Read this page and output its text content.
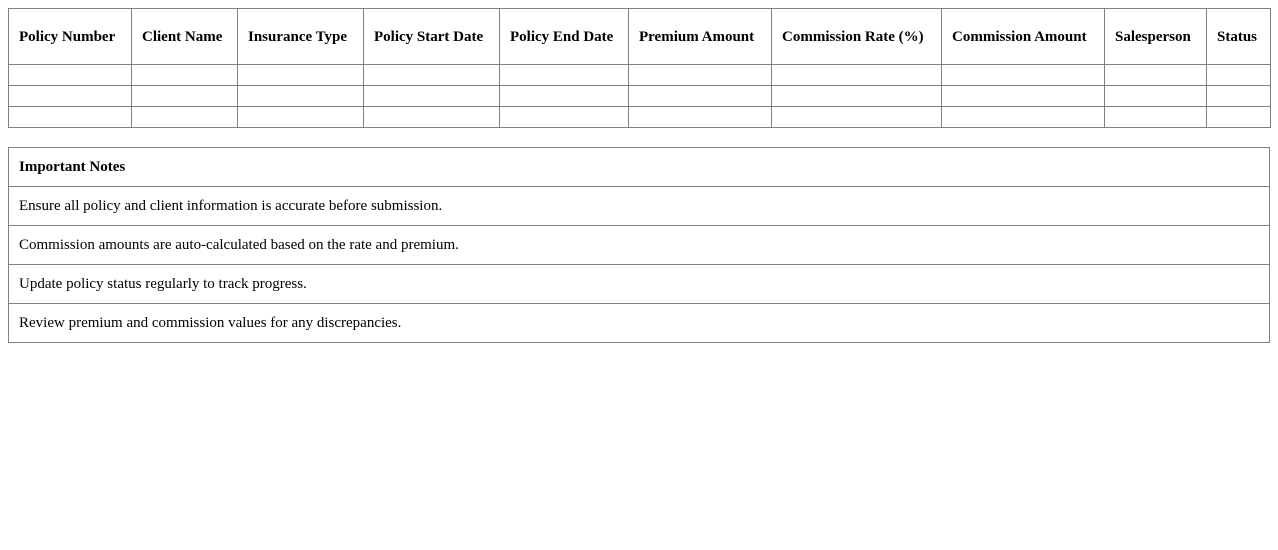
Policy Number	Client Name	Insurance Type	Policy Start Date	Policy End Date	Premium Amount	Commission Rate (%)	Commission Amount	Salesperson	Status

Important Notes
Ensure all policy and client information is accurate before submission.
Commission amounts are auto-calculated based on the rate and premium.
Update policy status regularly to track progress.
Review premium and commission values for any discrepancies.
